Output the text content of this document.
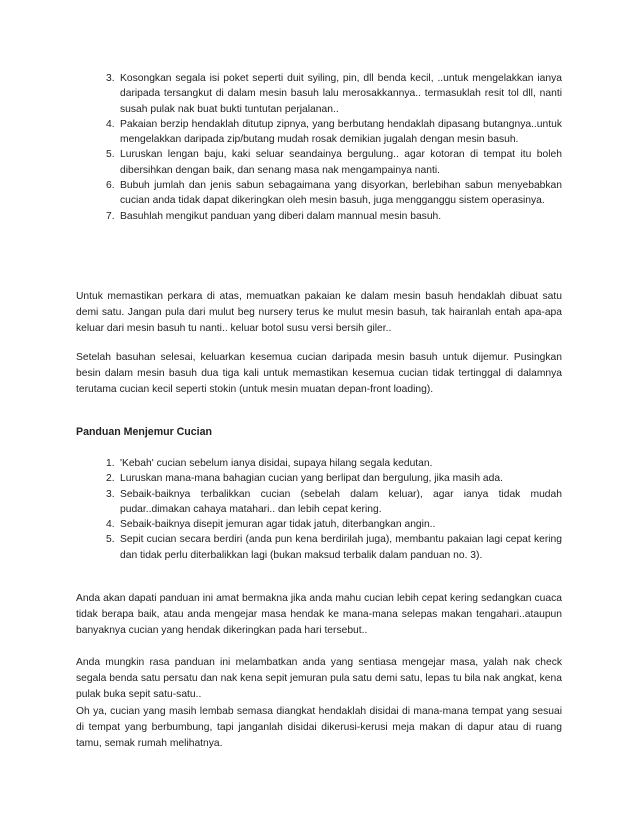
3. Kosongkan segala isi poket seperti duit syiling, pin, dll benda kecil, ..untuk mengelakkan ianya daripada tersangkut di dalam mesin basuh lalu merosakkannya.. termasuklah resit tol dll, nanti susah pulak nak buat bukti tuntutan perjalanan..
4. Pakaian berzip hendaklah ditutup zipnya, yang berbutang hendaklah dipasang butangnya..untuk mengelakkan daripada zip/butang mudah rosak demikian jugalah dengan mesin basuh.
5. Luruskan lengan baju, kaki seluar seandainya bergulung.. agar kotoran di tempat itu boleh dibersihkan dengan baik, dan senang masa nak mengampainya nanti.
6. Bubuh jumlah dan jenis sabun sebagaimana yang disyorkan, berlebihan sabun menyebabkan cucian anda tidak dapat dikeringkan oleh mesin basuh, juga mengganggu sistem operasinya.
7. Basuhlah mengikut panduan yang diberi dalam mannual mesin basuh.

Untuk memastikan perkara di atas, memuatkan pakaian ke dalam mesin basuh hendaklah dibuat satu demi satu. Jangan pula dari mulut beg nursery terus ke mulut mesin basuh, tak hairanlah entah apa-apa keluar dari mesin basuh tu nanti.. keluar botol susu versi bersih giler..

Setelah basuhan selesai, keluarkan kesemua cucian daripada mesin basuh untuk dijemur. Pusingkan besin dalam mesin basuh dua tiga kali untuk memastikan kesemua cucian tidak tertinggal di dalamnya terutama cucian kecil seperti stokin (untuk mesin muatan depan-front loading).

Panduan Menjemur Cucian
1. 'Kebah' cucian sebelum ianya disidai, supaya hilang segala kedutan.
2. Luruskan mana-mana bahagian cucian yang berlipat dan bergulung, jika masih ada.
3. Sebaik-baiknya terbalikkan cucian (sebelah dalam keluar), agar ianya tidak mudah pudar..dimakan cahaya matahari.. dan lebih cepat kering.
4. Sebaik-baiknya disepit jemuran agar tidak jatuh, diterbangkan angin..
5. Sepit cucian secara berdiri (anda pun kena berdirilah juga), membantu pakaian lagi cepat kering dan tidak perlu diterbalikkan lagi (bukan maksud terbalik dalam panduan no. 3).

Anda akan dapati panduan ini amat bermakna jika anda mahu cucian lebih cepat kering sedangkan cuaca tidak berapa baik, atau anda mengejar masa hendak ke mana-mana selepas makan tengahari..ataupun banyaknya cucian yang hendak dikeringkan pada hari tersebut..

Anda mungkin rasa panduan ini melambatkan anda yang sentiasa mengejar masa, yalah nak check segala benda satu persatu dan nak kena sepit jemuran pula satu demi satu, lepas tu bila nak angkat, kena pulak buka sepit satu-satu..
Oh ya, cucian yang masih lembab semasa diangkat hendaklah disidai di mana-mana tempat yang sesuai di tempat yang berbumbung, tapi janganlah disidai dikerusi-kerusi meja makan di dapur atau di ruang tamu, semak rumah melihatnya.
